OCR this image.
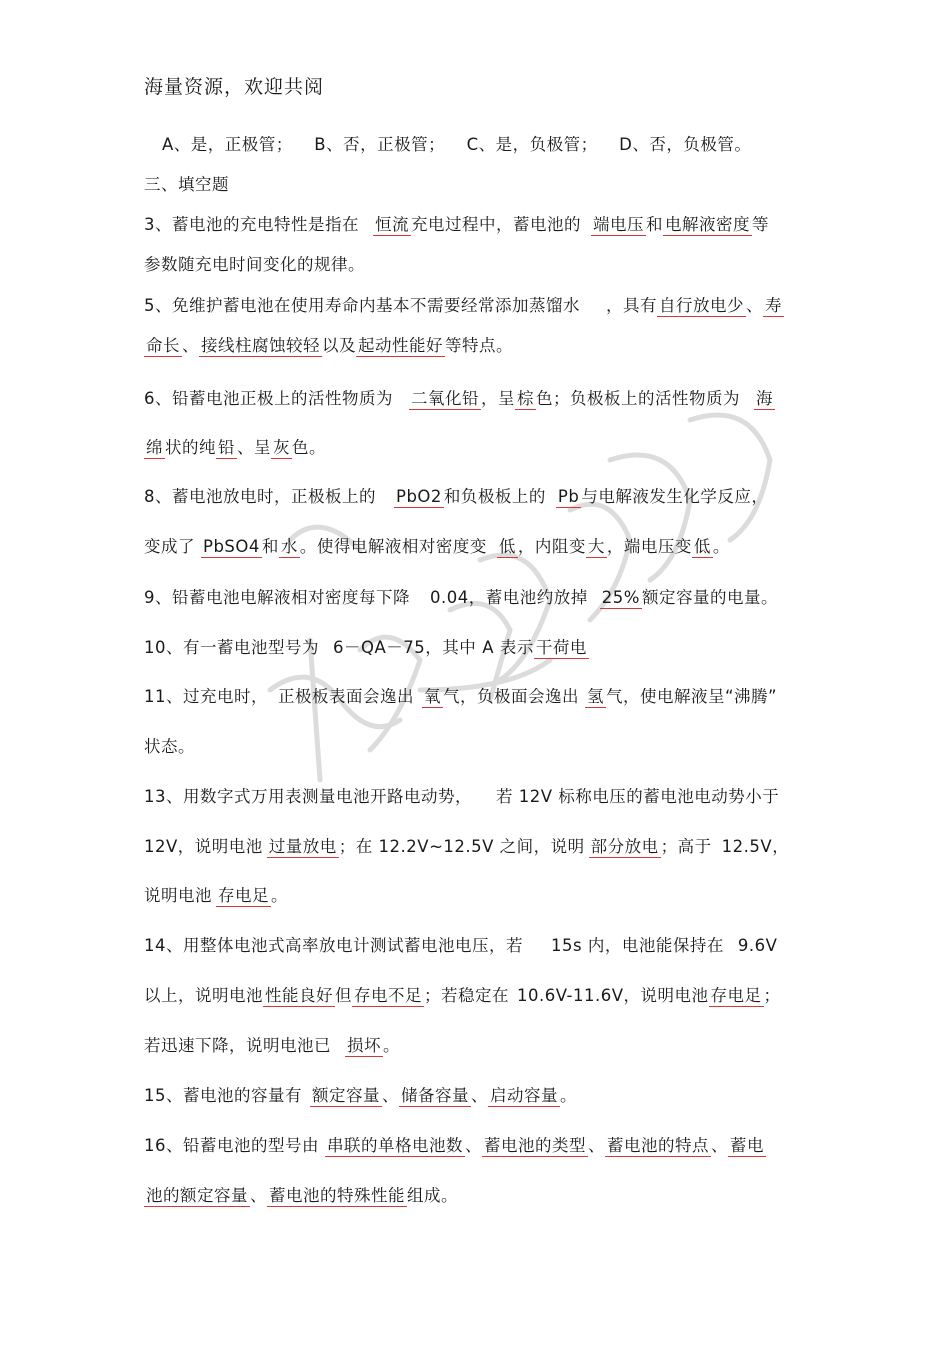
海量资源，欢迎共阅
A、是，正极管； B、否，正极管； C、是，负极管； D、否，负极管。
三、填空题
3、蓄电池的充电特性是指在 恒流 充电过程中，蓄电池的 端电压 和 电解液密度 等
参数随充电时间变化的规律。
5、免维护蓄电池在使用寿命内基本不需要经常添加蒸馏水 ，具有 自行放电少 、 寿
命长 、 接线柱腐蚀较轻 以及 起动性能好 等特点。
6、铅蓄电池正极上的活性物质为 二氧化铅 ，呈 棕 色；负极板上的活性物质为 海
绵 状的纯 铅 、呈 灰 色。
8、蓄电池放电时，正极板上的 PbO2 和负极板上的 Pb 与电解液发生化学反应，
变成了 PbSO4 和 水 。使得电解液相对密度变 低 ，内阻变 大 ，端电压变 低 。
9、铅蓄电池电解液相对密度每下降 0.04，蓄电池约放掉 25% 额定容量的电量。
10、有一蓄电池型号为 6－QA－75，其中 A 表示 干荷电
11、过充电时， 正极板表面会逸出 氧 气，负极面会逸出 氢 气，使电解液呈“沸腾”
状态。
13、用数字式万用表测量电池开路电动势， 若 12V 标称电压的蓄电池电动势小于
12V，说明电池 过量放电 ；在 12.2V~12.5V 之间，说明 部分放电 ；高于 12.5V，
说明电池 存电足 。
14、用整体电池式高率放电计测试蓄电池电压，若 15s 内，电池能保持在 9.6V
以上，说明电池 性能良好 但 存电不足 ；若稳定在 10.6V-11.6V，说明电池 存电足 ；
若迅速下降，说明电池已 损坏 。
15、蓄电池的容量有 额定容量 、 储备容量 、 启动容量 。
16、铅蓄电池的型号由 串联的单格电池数 、 蓄电池的类型 、 蓄电池的特点 、 蓄电
池的额定容量 、 蓄电池的特殊性能 组成。
